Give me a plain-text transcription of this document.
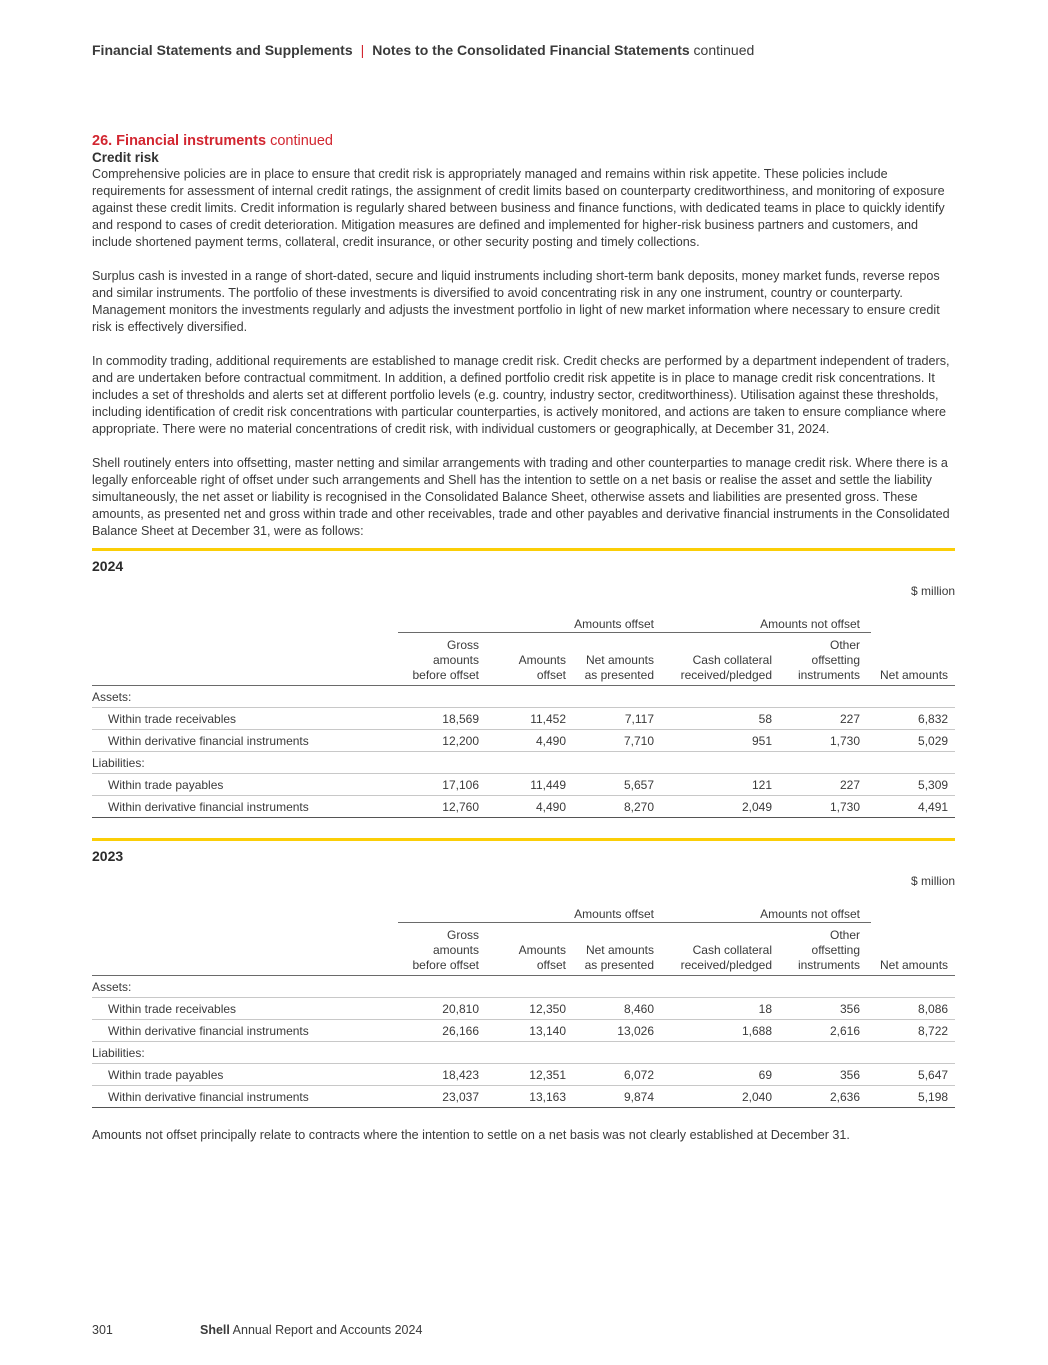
Financial Statements and Supplements | Notes to the Consolidated Financial Statements continued
26. Financial instruments continued
Credit risk

Comprehensive policies are in place to ensure that credit risk is appropriately managed and remains within risk appetite. These policies include requirements for assessment of internal credit ratings, the assignment of credit limits based on counterparty creditworthiness, and monitoring of exposure against these credit limits. Credit information is regularly shared between business and finance functions, with dedicated teams in place to quickly identify and respond to cases of credit deterioration. Mitigation measures are defined and implemented for higher-risk business partners and customers, and include shortened payment terms, collateral, credit insurance, or other security posting and timely collections.

Surplus cash is invested in a range of short-dated, secure and liquid instruments including short-term bank deposits, money market funds, reverse repos and similar instruments. The portfolio of these investments is diversified to avoid concentrating risk in any one instrument, country or counterparty. Management monitors the investments regularly and adjusts the investment portfolio in light of new market information where necessary to ensure credit risk is effectively diversified.

In commodity trading, additional requirements are established to manage credit risk. Credit checks are performed by a department independent of traders, and are undertaken before contractual commitment. In addition, a defined portfolio credit risk appetite is in place to manage credit risk concentrations. It includes a set of thresholds and alerts set at different portfolio levels (e.g. country, industry sector, creditworthiness). Utilisation against these thresholds, including identification of credit risk concentrations with particular counterparties, is actively monitored, and actions are taken to ensure compliance where appropriate. There were no material concentrations of credit risk, with individual customers or geographically, at December 31, 2024.

Shell routinely enters into offsetting, master netting and similar arrangements with trading and other counterparties to manage credit risk. Where there is a legally enforceable right of offset under such arrangements and Shell has the intention to settle on a net basis or realise the asset and settle the liability simultaneously, the net asset or liability is recognised in the Consolidated Balance Sheet, otherwise assets and liabilities are presented gross. These amounts, as presented net and gross within trade and other receivables, trade and other payables and derivative financial instruments in the Consolidated Balance Sheet at December 31, were as follows:

2024
$ million						
	Amounts offset			Amounts not offset		
	Gross amounts before offset	Amounts offset	Net amounts as presented	Cash collateral received/pledged	Other offsetting instruments	Net amounts
Assets:						
Within trade receivables	18,569	11,452	7,117	58	227	6,832
Within derivative financial instruments	12,200	4,490	7,710	951	1,730	5,029
Liabilities:						
Within trade payables	17,106	11,449	5,657	121	227	5,309
Within derivative financial instruments	12,760	4,490	8,270	2,049	1,730	4,491
2023
$ million						
	Amounts offset			Amounts not offset		
	Gross amounts before offset	Amounts offset	Net amounts as presented	Cash collateral received/pledged	Other offsetting instruments	Net amounts
Assets:						
Within trade receivables	20,810	12,350	8,460	18	356	8,086
Within derivative financial instruments	26,166	13,140	13,026	1,688	2,616	8,722
Liabilities:						
Within trade payables	18,423	12,351	6,072	69	356	5,647
Within derivative financial instruments	23,037	13,163	9,874	2,040	2,636	5,198
Amounts not offset principally relate to contracts where the intention to settle on a net basis was not clearly established at December 31.
301	Shell Annual Report and Accounts 2024
